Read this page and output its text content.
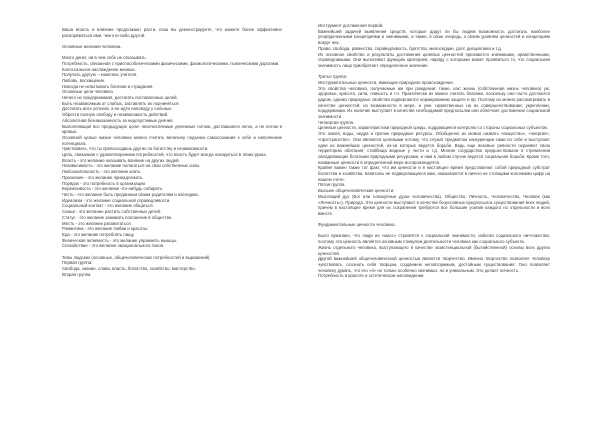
Ваша власть и влияние продолжают расти, пока вы демонстрируете, что можете более эффективно распоряжаться ими, чем кто-либо другой.

Основные желания человека.

Много денег, ни в чем себе не отказывать.

Потребность, связанная с приспособленческими физическими, физиологическими, психическими дорогами.

Колоссальное наслаждение жизнью.

Получать другую – комплекс учителя.

Любовь, восхищение.

Никогда не испытывать болезни и страдания.

Основные цели человека.

Ничего не предпринимая, достигать поставленных целей.

Быть независимым от слабых, заставлять их подчиняться.

Достигать всех успехов, а не идти наповоду у сильных.

Обрести полную свободу и независимость действий.

Абсолютная безнаказанность за недопустимые деяния.

Выполняющая все предыдущие цели- неисчисляемые денежные потоки, доставшиеся легко, а не потом и кровью.

Основной целью жизни человека можно считать величину подъема самосознания к себе и наполнение потенциала.

Чувствовать, что ты превосходишь других по богатству и независимости.

Цель, связанная с удовлетворением потребностей, что власть будет всегда находиться в твоих руках.

Власть - это желание оказывать влияние на других людей.

Независимость - это желание полагаться на свои собственные силы.

Любознательность - это желание знать.

Признание - это желание принадлежать.

Порядок - это потребность в организации.

Бережливость - это желание что-нибудь собирать.

Честь - это желание быть преданным своим родителям и наследию.

Идеализм - это желание социальной справедливости.

Социальный контакт - это желание общаться.

Семья - это желание растить собственных детей.

Статус - это желание занимать положение в обществе.

Месть - это желание расквитаться.

Романтика - это желание любви и красоты.

Еда - это желание потреблять пищу.

Физическая активность - это желание упражнять мышцы.

Спокойствие - это желание эмоционального покоя.

Типы людских (основных, общечеловеческих потребностей и выражений)

Первая группа:

Свобода, знание, слава, власть, богатство, хозяйство, мастерство.

Вторая группа

Инструмент достижения первой.

Важнейшей задачей выявления средств, которые дадут ли бы людям возможность достигать наиболее упорядоченными концепциями и значимыми, а также, в свою очередь, к своим уровням ценностей и концепциям вокруг них.

Право, свобода, равенство, справедливость, братство, милосердие, долг, дисциплина и т.д.

Их основное свойство и результаты достижения целевых ценностей признаются значимыми, нравственными, справедливыми. Они выполняют функцию критериев, наряду с которыми может проявиться то, что социальная значимость лица приобретает определенное значение.

Третья группа:

Инструментальные ценности, имеющие природное происхождение.

Это свойства человека, получаемые им при рождении: такие, как: жизнь (собственная жизнь человека) уж, здоровье, красота, сила, ловкость и т.п. Практически их можно считать благами, поскольку они часто достаются даром, однако природные свойства подвергаются нормированию защите и пр. Поэтому их можно рассматривать в качестве ценностей: из возможности в мере, и уже, нравственных на их совершенствовании; укреплении, поддержании. Их наличие выступает в качестве необходимой предпосылки или облегчает достижение социальной значимости.

Четвертая группа:

Целевые ценности, характеристики природной среды, поддающиеся контролю со стороны социальных субъектов.

Это земля, воды, недра и прочие природные ресурсы. Обобщенно их можно назвать «вещество», «энергия», «пространство». Они являются целевыми потому, что служат предметом конкуренции сами по себе и выступают одни из важнейших ценностей, из-за которых ведется борьба. Ведь еще вековые ревности охраняют свою территорию обитания; стойбища жадные у чести и т.д. Многие государства предшествовали в стремлении овладевающих богатыми природными ресурсами, и нам в любом случае ведется социальная борьба. Кроме того, названные ценности в определенной мере воспроизводятся.

Крайне важен также тот факт, что им ценности и в настоящее время представляют собой природный субстрат богатства и хозяйства. Капиталы не подвергающиеся ими, оказываются в ничего не стоящими колонками цифр на нашем счете.

Пятая группа

Высшие общечеловеческие ценности:

Мыслящий дух (Бог или совокупные души человечества), Общество, Личность, Человечество, Человек (как «Личность»), Природа. Эти ценности выступают в качестве безусловных предпосылок существования всех людей, причем в настоящее время для их сохранения требуются все большие усилия каждого по отдельности и всех вместе.

Фундаментальные ценности человека.

Было признано, что люди из «масс» стремятся к социальной значимости, избегая социального ничтожества, поэтому эта ценность является основным стимулом деятельности человека как социального субъекта.

Жизнь отдельного человека, выступающего в качестве экзистенциальной (бытийственной) основы всех других ценностей.

Другой важнейшей общечеловеческой ценностью является творчество. Именно творчество позволяет человеку чувствовать, осознать себя творцом, созданием неповторимым, достойным существования. Оно позволяет человеку думать, что его «я» не только особенно значимых, но и уникальным. Это делает личность.

Потребность в красоте и эстетическом наслаждении.
